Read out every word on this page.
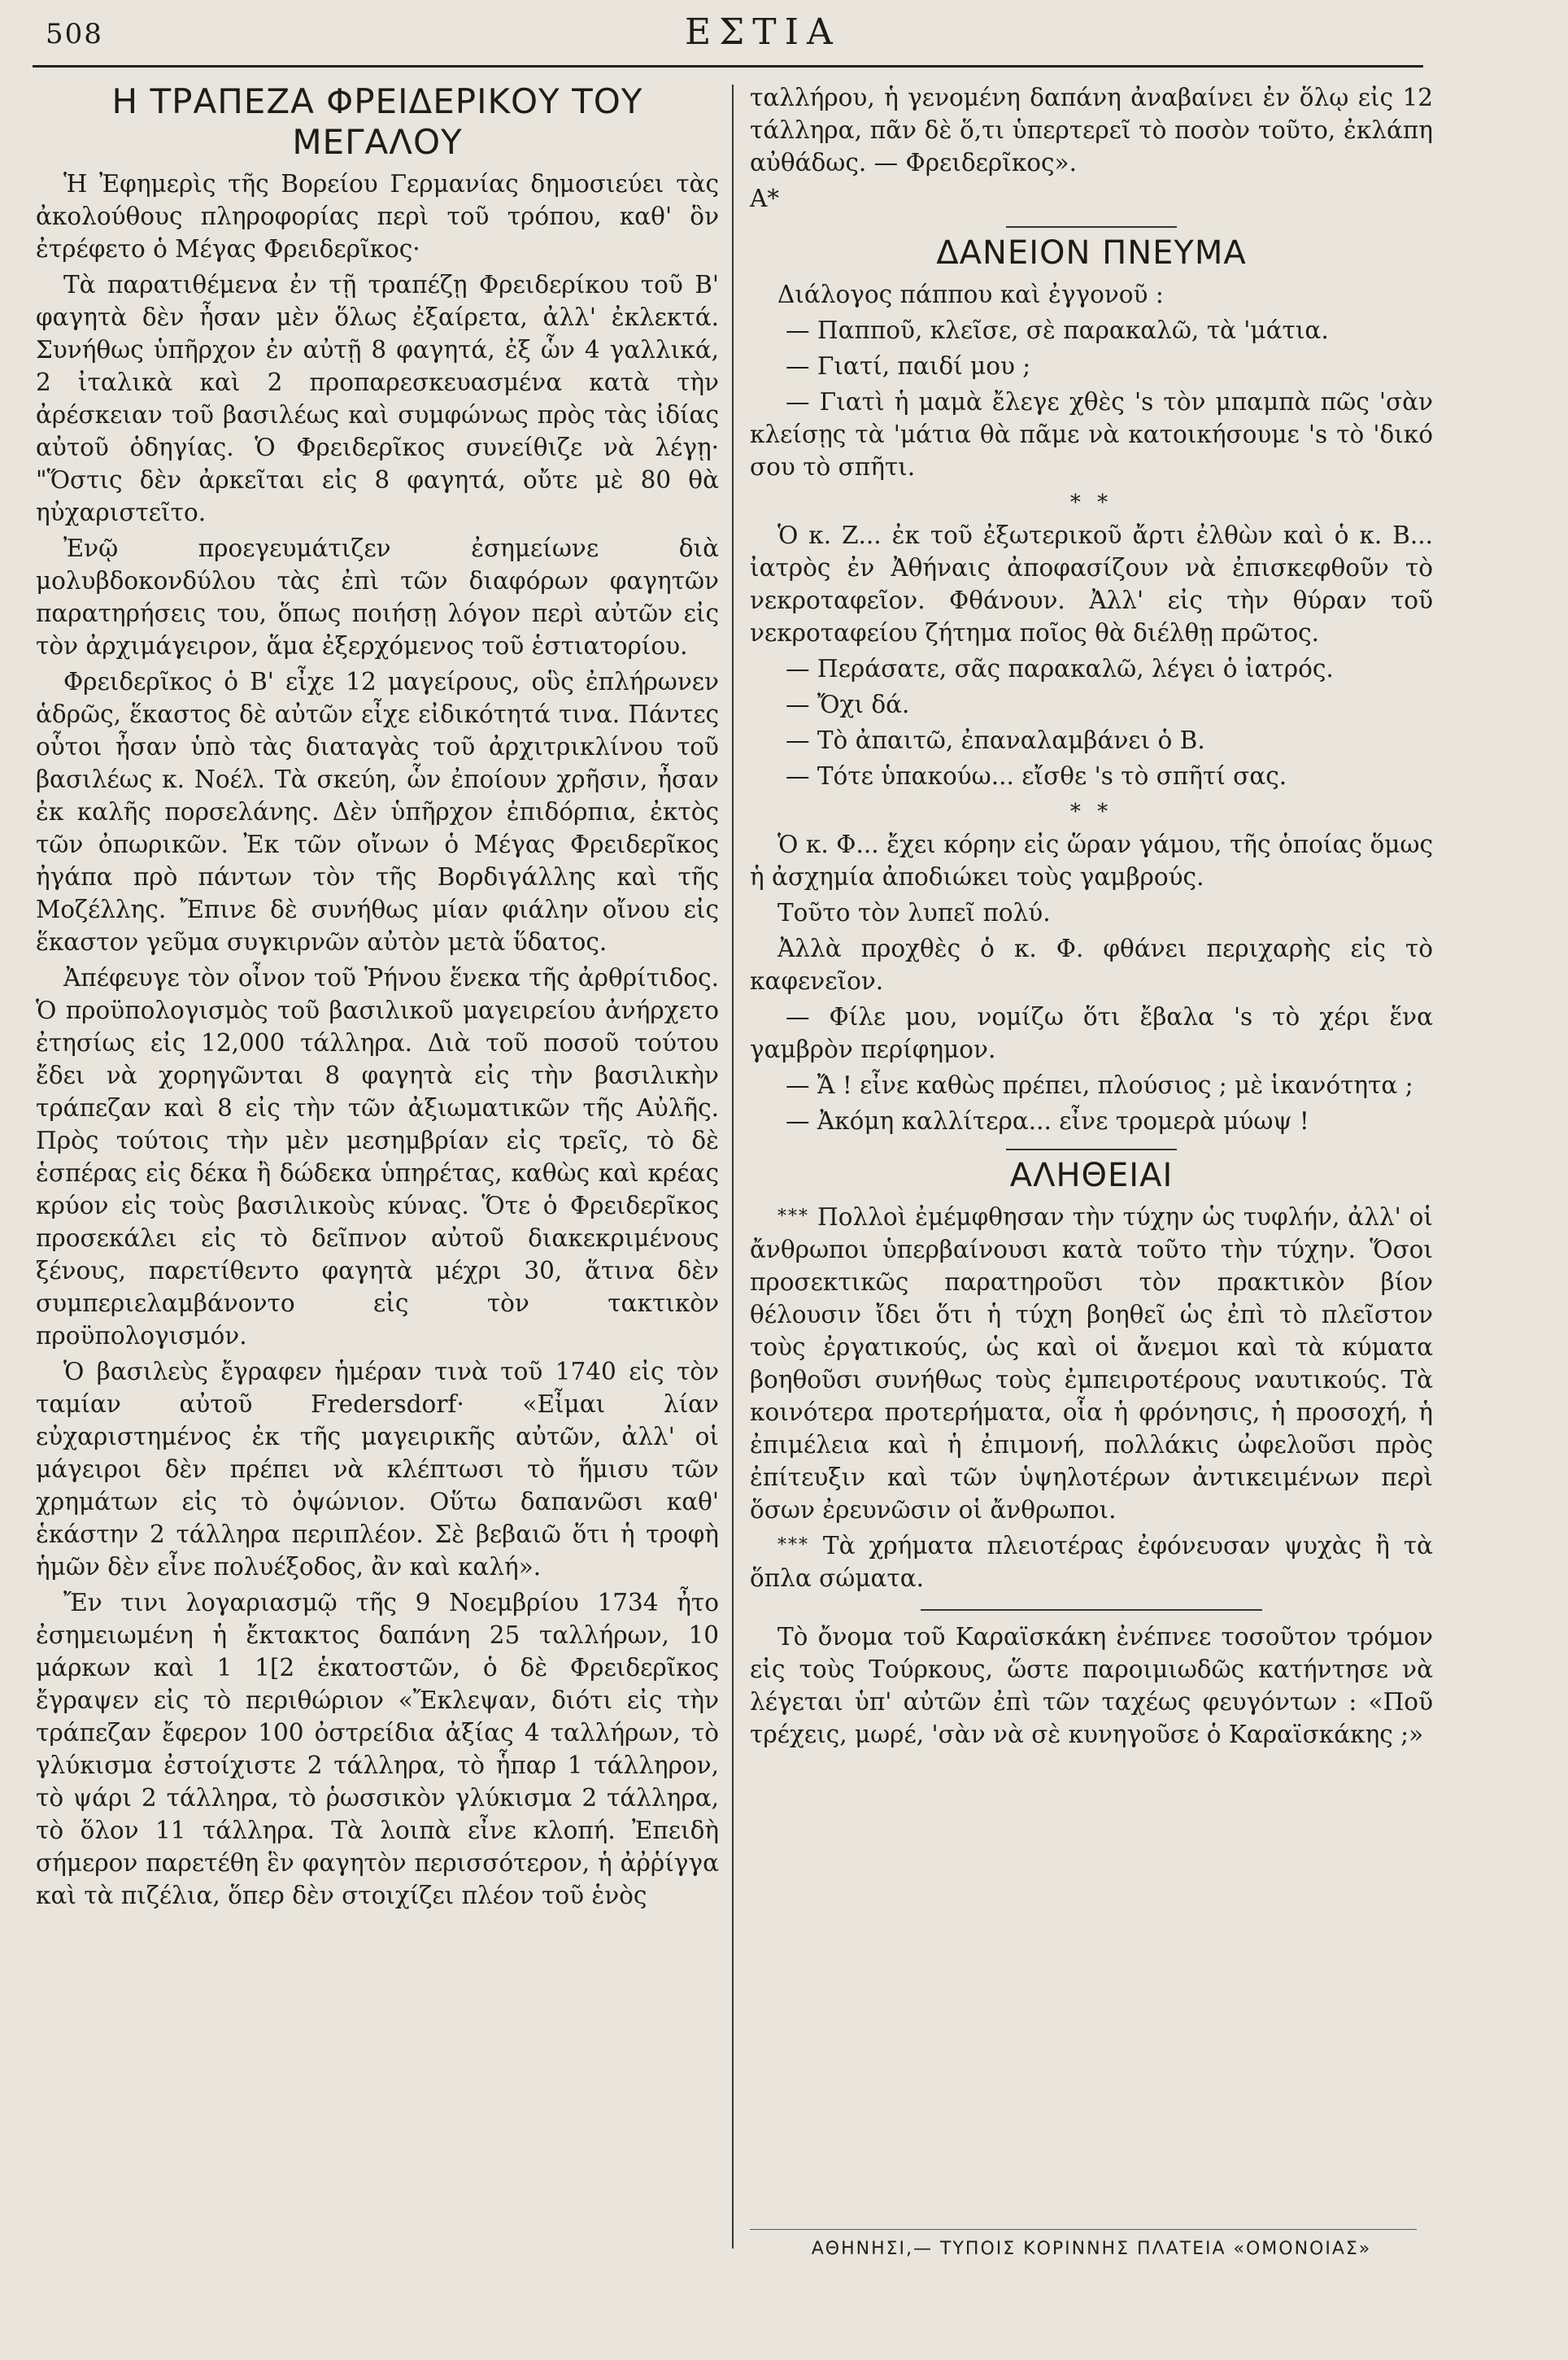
508	ΕΣΤΙΑ
Η ΤΡΑΠΕΖΑ ΦΡΕΙΔΕΡΙΚΟΥ ΤΟΥ ΜΕΓΑΛΟΥ

Ἡ Ἐφημερὶς τῆς Βορείου Γερμανίας δημοσιεύει τὰς ἀκολούθους πληροφορίας περὶ τοῦ τρόπου, καθ' ὃν ἐτρέφετο ὁ Μέγας Φρειδερῖκος·

Τὰ παρατιθέμενα ἐν τῇ τραπέζῃ Φρειδερίκου τοῦ Β' φαγητὰ δὲν ἦσαν μὲν ὅλως ἐξαίρετα, ἀλλ' ἐκλεκτά. Συνήθως ὑπῆρχον ἐν αὐτῇ 8 φαγητά, ἐξ ὧν 4 γαλλικά, 2 ἰταλικὰ καὶ 2 προπαρεσκευασμένα κατὰ τὴν ἀρέσκειαν τοῦ βασιλέως καὶ συμφώνως πρὸς τὰς ἰδίας αὐτοῦ ὁδηγίας. Ὁ Φρειδερῖκος συνείθιζε νὰ λέγῃ· "Ὅστις δὲν ἀρκεῖται εἰς 8 φαγητά, οὔτε μὲ 80 θὰ ηὐχαριστεῖτο.

Ἐνῷ προεγευμάτιζεν ἐσημείωνε διὰ μολυβδοκονδύλου τὰς ἐπὶ τῶν διαφόρων φαγητῶν παρατηρήσεις του, ὅπως ποιήσῃ λόγον περὶ αὐτῶν εἰς τὸν ἀρχιμάγειρον, ἅμα ἐξερχόμενος τοῦ ἑστιατορίου.

Φρειδερῖκος ὁ Β' εἶχε 12 μαγείρους, οὓς ἐπλήρωνεν ἁδρῶς, ἕκαστος δὲ αὐτῶν εἶχε εἰδικότητά τινα. Πάντες οὗτοι ἦσαν ὑπὸ τὰς διαταγὰς τοῦ ἀρχιτρικλίνου τοῦ βασιλέως κ. Νοέλ. Τὰ σκεύη, ὧν ἐποίουν χρῆσιν, ἦσαν ἐκ καλῆς πορσελάνης. Δὲν ὑπῆρχον ἐπιδόρπια, ἐκτὸς τῶν ὀπωρικῶν. Ἐκ τῶν οἴνων ὁ Μέγας Φρειδερῖκος ἠγάπα πρὸ πάντων τὸν τῆς Βορδιγάλλης καὶ τῆς Μοζέλλης. Ἔπινε δὲ συνήθως μίαν φιάλην οἴνου εἰς ἕκαστον γεῦμα συγκιρνῶν αὐτὸν μετὰ ὕδατος.

Ἀπέφευγε τὸν οἶνον τοῦ Ῥήνου ἕνεκα τῆς ἀρθρίτιδος. Ὁ προϋπολογισμὸς τοῦ βασιλικοῦ μαγειρείου ἀνήρχετο ἐτησίως εἰς 12,000 τάλληρα. Διὰ τοῦ ποσοῦ τούτου ἔδει νὰ χορηγῶνται 8 φαγητὰ εἰς τὴν βασιλικὴν τράπεζαν καὶ 8 εἰς τὴν τῶν ἀξιωματικῶν τῆς Αὐλῆς. Πρὸς τούτοις τὴν μὲν μεσημβρίαν εἰς τρεῖς, τὸ δὲ ἑσπέρας εἰς δέκα ἢ δώδεκα ὑπηρέτας, καθὼς καὶ κρέας κρύον εἰς τοὺς βασιλικοὺς κύνας. Ὅτε ὁ Φρειδερῖκος προσεκάλει εἰς τὸ δεῖπνον αὐτοῦ διακεκριμένους ξένους, παρετίθεντο φαγητὰ μέχρι 30, ἅτινα δὲν συμπεριελαμβάνοντο εἰς τὸν τακτικὸν προϋπολογισμόν.

Ὁ βασιλεὺς ἔγραφεν ἡμέραν τινὰ τοῦ 1740 εἰς τὸν ταμίαν αὐτοῦ Fredersdorf· «Εἶμαι λίαν εὐχαριστημένος ἐκ τῆς μαγειρικῆς αὐτῶν, ἀλλ' οἱ μάγειροι δὲν πρέπει νὰ κλέπτωσι τὸ ἥμισυ τῶν χρημάτων εἰς τὸ ὀψώνιον. Οὕτω δαπανῶσι καθ' ἑκάστην 2 τάλληρα περιπλέον. Σὲ βεβαιῶ ὅτι ἡ τροφὴ ἡμῶν δὲν εἶνε πολυέξοδος, ἂν καὶ καλή».

Ἔν τινι λογαριασμῷ τῆς 9 Νοεμβρίου 1734 ἦτο ἐσημειωμένη ἡ ἔκτακτος δαπάνη 25 ταλλήρων, 10 μάρκων καὶ 1 1[2 ἑκατοστῶν, ὁ δὲ Φρειδερῖκος ἔγραψεν εἰς τὸ περιθώριον «Ἔκλεψαν, διότι εἰς τὴν τράπεζαν ἔφερον 100 ὀστρείδια ἀξίας 4 ταλλήρων, τὸ γλύκισμα ἐστοίχιστε 2 τάλληρα, τὸ ἧπαρ 1 τάλληρον, τὸ ψάρι 2 τάλληρα, τὸ ῥωσσικὸν γλύκισμα 2 τάλληρα, τὸ ὅλον 11 τάλληρα. Τὰ λοιπὰ εἶνε κλοπή. Ἐπειδὴ σήμερον παρετέθη ἓν φαγητὸν περισσότερον, ἡ ἀῤῥίγγα καὶ τὰ πιζέλια, ὅπερ δὲν στοιχίζει πλέον τοῦ ἑνὸς

ταλλήρου, ἡ γενομένη δαπάνη ἀναβαίνει ἐν ὅλῳ εἰς 12 τάλληρα, πᾶν δὲ ὅ,τι ὑπερτερεῖ τὸ ποσὸν τοῦτο, ἐκλάπη αὐθάδως. — Φρειδερῖκος».

Α*

ΔΑΝΕΙΟΝ ΠΝΕΥΜΑ

Διάλογος πάππου καὶ ἐγγονοῦ :

— Παπποῦ, κλεῖσε, σὲ παρακαλῶ, τὰ 'μάτια.

— Γιατί, παιδί μου ;

— Γιατὶ ἡ μαμὰ ἔλεγε χθὲς 's τὸν μπαμπὰ πῶς 'σὰν κλείσῃς τὰ 'μάτια θὰ πᾶμε νὰ κατοικήσουμε 's τὸ 'δικό σου τὸ σπῆτι.

* *

Ὁ κ. Ζ... ἐκ τοῦ ἐξωτερικοῦ ἄρτι ἐλθὼν καὶ ὁ κ. Β... ἰατρὸς ἐν Ἀθήναις ἀποφασίζουν νὰ ἐπισκεφθοῦν τὸ νεκροταφεῖον. Φθάνουν. Ἀλλ' εἰς τὴν θύραν τοῦ νεκροταφείου ζήτημα ποῖος θὰ διέλθῃ πρῶτος.

— Περάσατε, σᾶς παρακαλῶ, λέγει ὁ ἰατρός.

— Ὄχι δά.

— Τὸ ἀπαιτῶ, ἐπαναλαμβάνει ὁ Β.

— Τότε ὑπακούω... εἴσθε 's τὸ σπῆτί σας.

* *

Ὁ κ. Φ... ἔχει κόρην εἰς ὥραν γάμου, τῆς ὁποίας ὅμως ἡ ἀσχημία ἀποδιώκει τοὺς γαμβρούς.

Τοῦτο τὸν λυπεῖ πολύ.

Ἀλλὰ προχθὲς ὁ κ. Φ. φθάνει περιχαρὴς εἰς τὸ καφενεῖον.

— Φίλε μου, νομίζω ὅτι ἔβαλα 's τὸ χέρι ἕνα γαμβρὸν περίφημον.

— Ἄ ! εἶνε καθὼς πρέπει, πλούσιος ; μὲ ἱκανότητα ;

— Ἀκόμη καλλίτερα... εἶνε τρομερὰ μύωψ !

ΑΛΗΘΕΙΑΙ

*** Πολλοὶ ἐμέμφθησαν τὴν τύχην ὡς τυφλήν, ἀλλ' οἱ ἄνθρωποι ὑπερβαίνουσι κατὰ τοῦτο τὴν τύχην. Ὅσοι προσεκτικῶς παρατηροῦσι τὸν πρακτικὸν βίον θέλουσιν ἴδει ὅτι ἡ τύχη βοηθεῖ ὡς ἐπὶ τὸ πλεῖστον τοὺς ἐργατικούς, ὡς καὶ οἱ ἄνεμοι καὶ τὰ κύματα βοηθοῦσι συνήθως τοὺς ἐμπειροτέρους ναυτικούς. Τὰ κοινότερα προτερήματα, οἷα ἡ φρόνησις, ἡ προσοχή, ἡ ἐπιμέλεια καὶ ἡ ἐπιμονή, πολλάκις ὠφελοῦσι πρὸς ἐπίτευξιν καὶ τῶν ὑψηλοτέρων ἀντικειμένων περὶ ὅσων ἐρευνῶσιν οἱ ἄνθρωποι.

*** Τὰ χρήματα πλειοτέρας ἐφόνευσαν ψυχὰς ἢ τὰ ὅπλα σώματα.

Τὸ ὄνομα τοῦ Καραϊσκάκη ἐνέπνεε τοσοῦτον τρόμον εἰς τοὺς Τούρκους, ὥστε παροιμιωδῶς κατήντησε νὰ λέγεται ὑπ' αὐτῶν ἐπὶ τῶν ταχέως φευγόντων : «Ποῦ τρέχεις, μωρέ, 'σὰν νὰ σὲ κυνηγοῦσε ὁ Καραϊσκάκης ;»

ΑΘΗΝΗΣΙ,— ΤΥΠΟΙΣ ΚΟΡΙΝΝΗΣ ΠΛΑΤΕΙΑ «ΟΜΟΝΟΙΑΣ»
